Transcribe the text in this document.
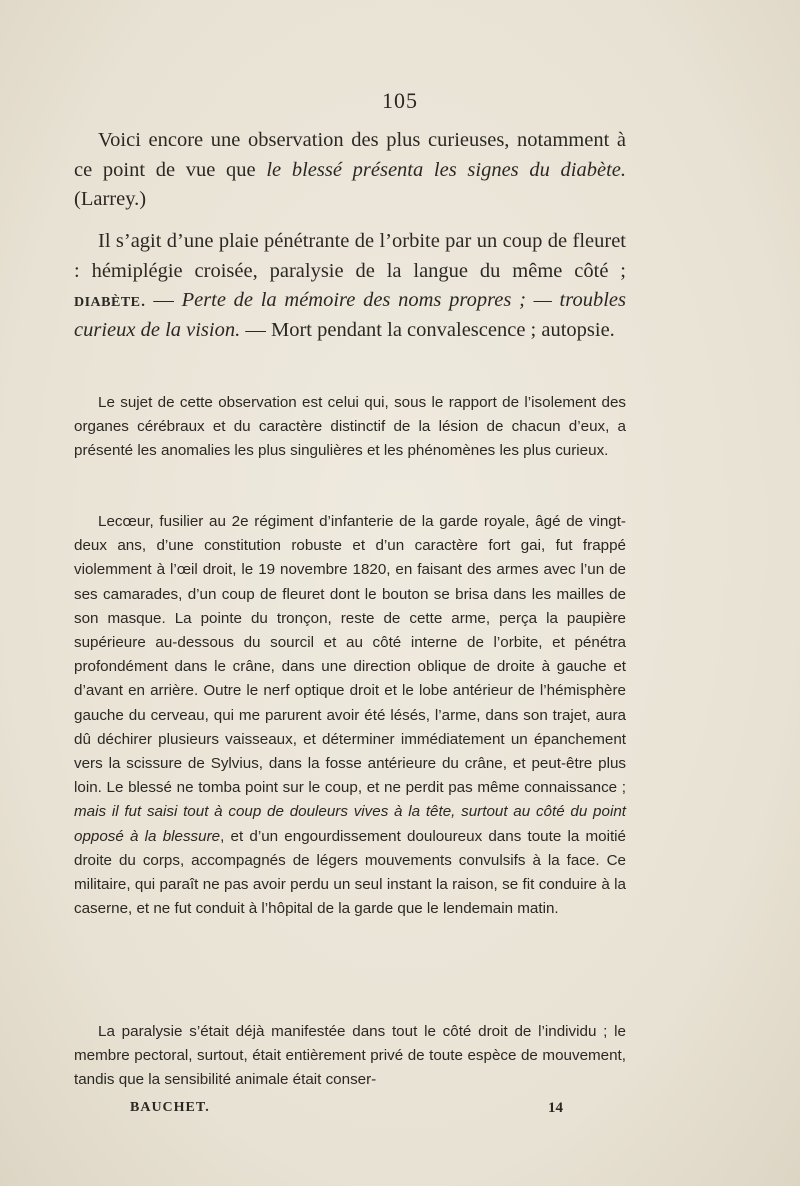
105

Voici encore une observation des plus curieuses, notamment à ce point de vue que le blessé présenta les signes du diabète. (Larrey.)

Il s’agit d’une plaie pénétrante de l’orbite par un coup de fleuret : hémiplégie croisée, paralysie de la langue du même côté ; diabète. — Perte de la mémoire des noms propres ; — troubles curieux de la vision. — Mort pendant la convalescence ; autopsie.

Le sujet de cette observation est celui qui, sous le rapport de l’isolement des organes cérébraux et du caractère distinctif de la lésion de chacun d’eux, a présenté les anomalies les plus singulières et les phénomènes les plus curieux.

Lecœur, fusilier au 2e régiment d’infanterie de la garde royale, âgé de vingt-deux ans, d’une constitution robuste et d’un caractère fort gai, fut frappé violemment à l’œil droit, le 19 novembre 1820, en faisant des armes avec l’un de ses camarades, d’un coup de fleuret dont le bouton se brisa dans les mailles de son masque. La pointe du tronçon, reste de cette arme, perça la paupière supérieure au-dessous du sourcil et au côté interne de l’orbite, et pénétra profondément dans le crâne, dans une direction oblique de droite à gauche et d’avant en arrière. Outre le nerf optique droit et le lobe antérieur de l’hémisphère gauche du cerveau, qui me parurent avoir été lésés, l’arme, dans son trajet, aura dû déchirer plusieurs vaisseaux, et déterminer immédiatement un épanchement vers la scissure de Sylvius, dans la fosse antérieure du crâne, et peut-être plus loin. Le blessé ne tomba point sur le coup, et ne perdit pas même connaissance ; mais il fut saisi tout à coup de douleurs vives à la tête, surtout au côté du point opposé à la blessure, et d’un engourdissement douloureux dans toute la moitié droite du corps, accompagnés de légers mouvements convulsifs à la face. Ce militaire, qui paraît ne pas avoir perdu un seul instant la raison, se fit conduire à la caserne, et ne fut conduit à l’hôpital de la garde que le lendemain matin.

La paralysie s’était déjà manifestée dans tout le côté droit de l’individu ; le membre pectoral, surtout, était entièrement privé de toute espèce de mouvement, tandis que la sensibilité animale était conser-

BAUCHET.	14
